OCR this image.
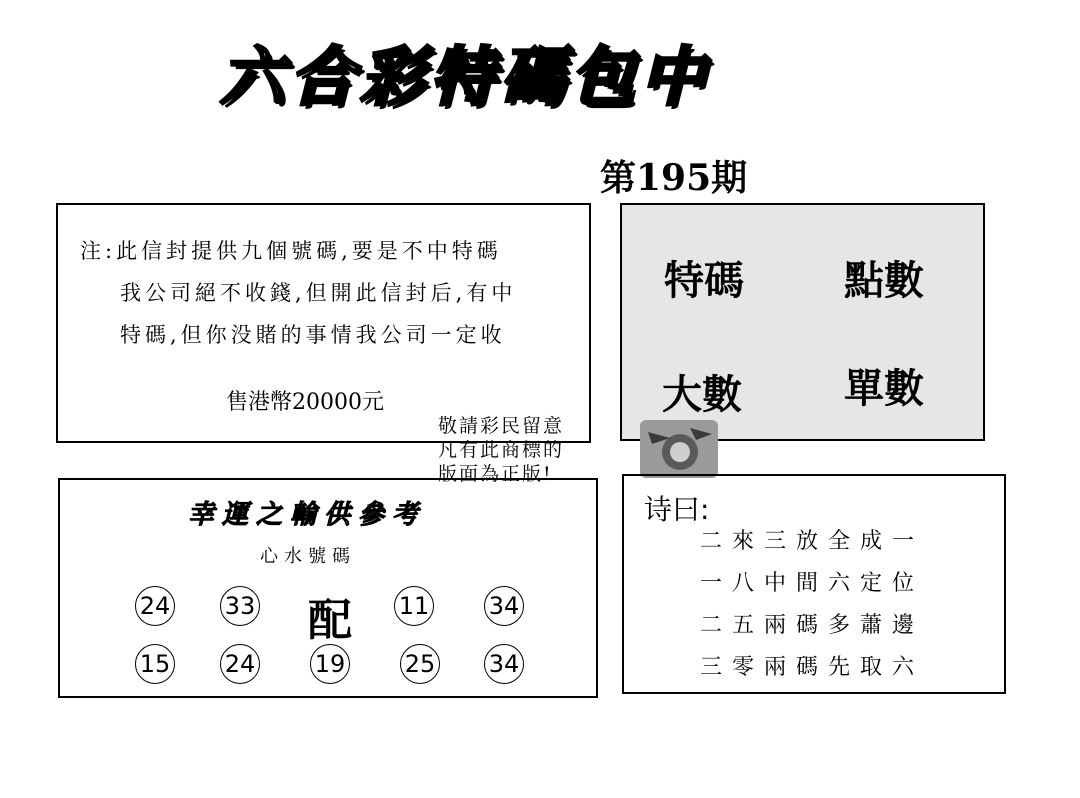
六合彩特碼包中
第195期
注:此信封提供九個號碼,要是不中特碼
我公司絕不收錢,但開此信封后,有中
特碼,但你没賭的事情我公司一定收
售港幣20000元
特碼	點數
大數	單數
敬請彩民留意
凡有此商標的
版面為正版!
幸運之輸供參考
心水號碼
24 33 配 11 34
15 24 19 25 34
诗曰:
二來三放全成一
一八中間六定位
二五兩碼多蕭邊
三零兩碼先取六
